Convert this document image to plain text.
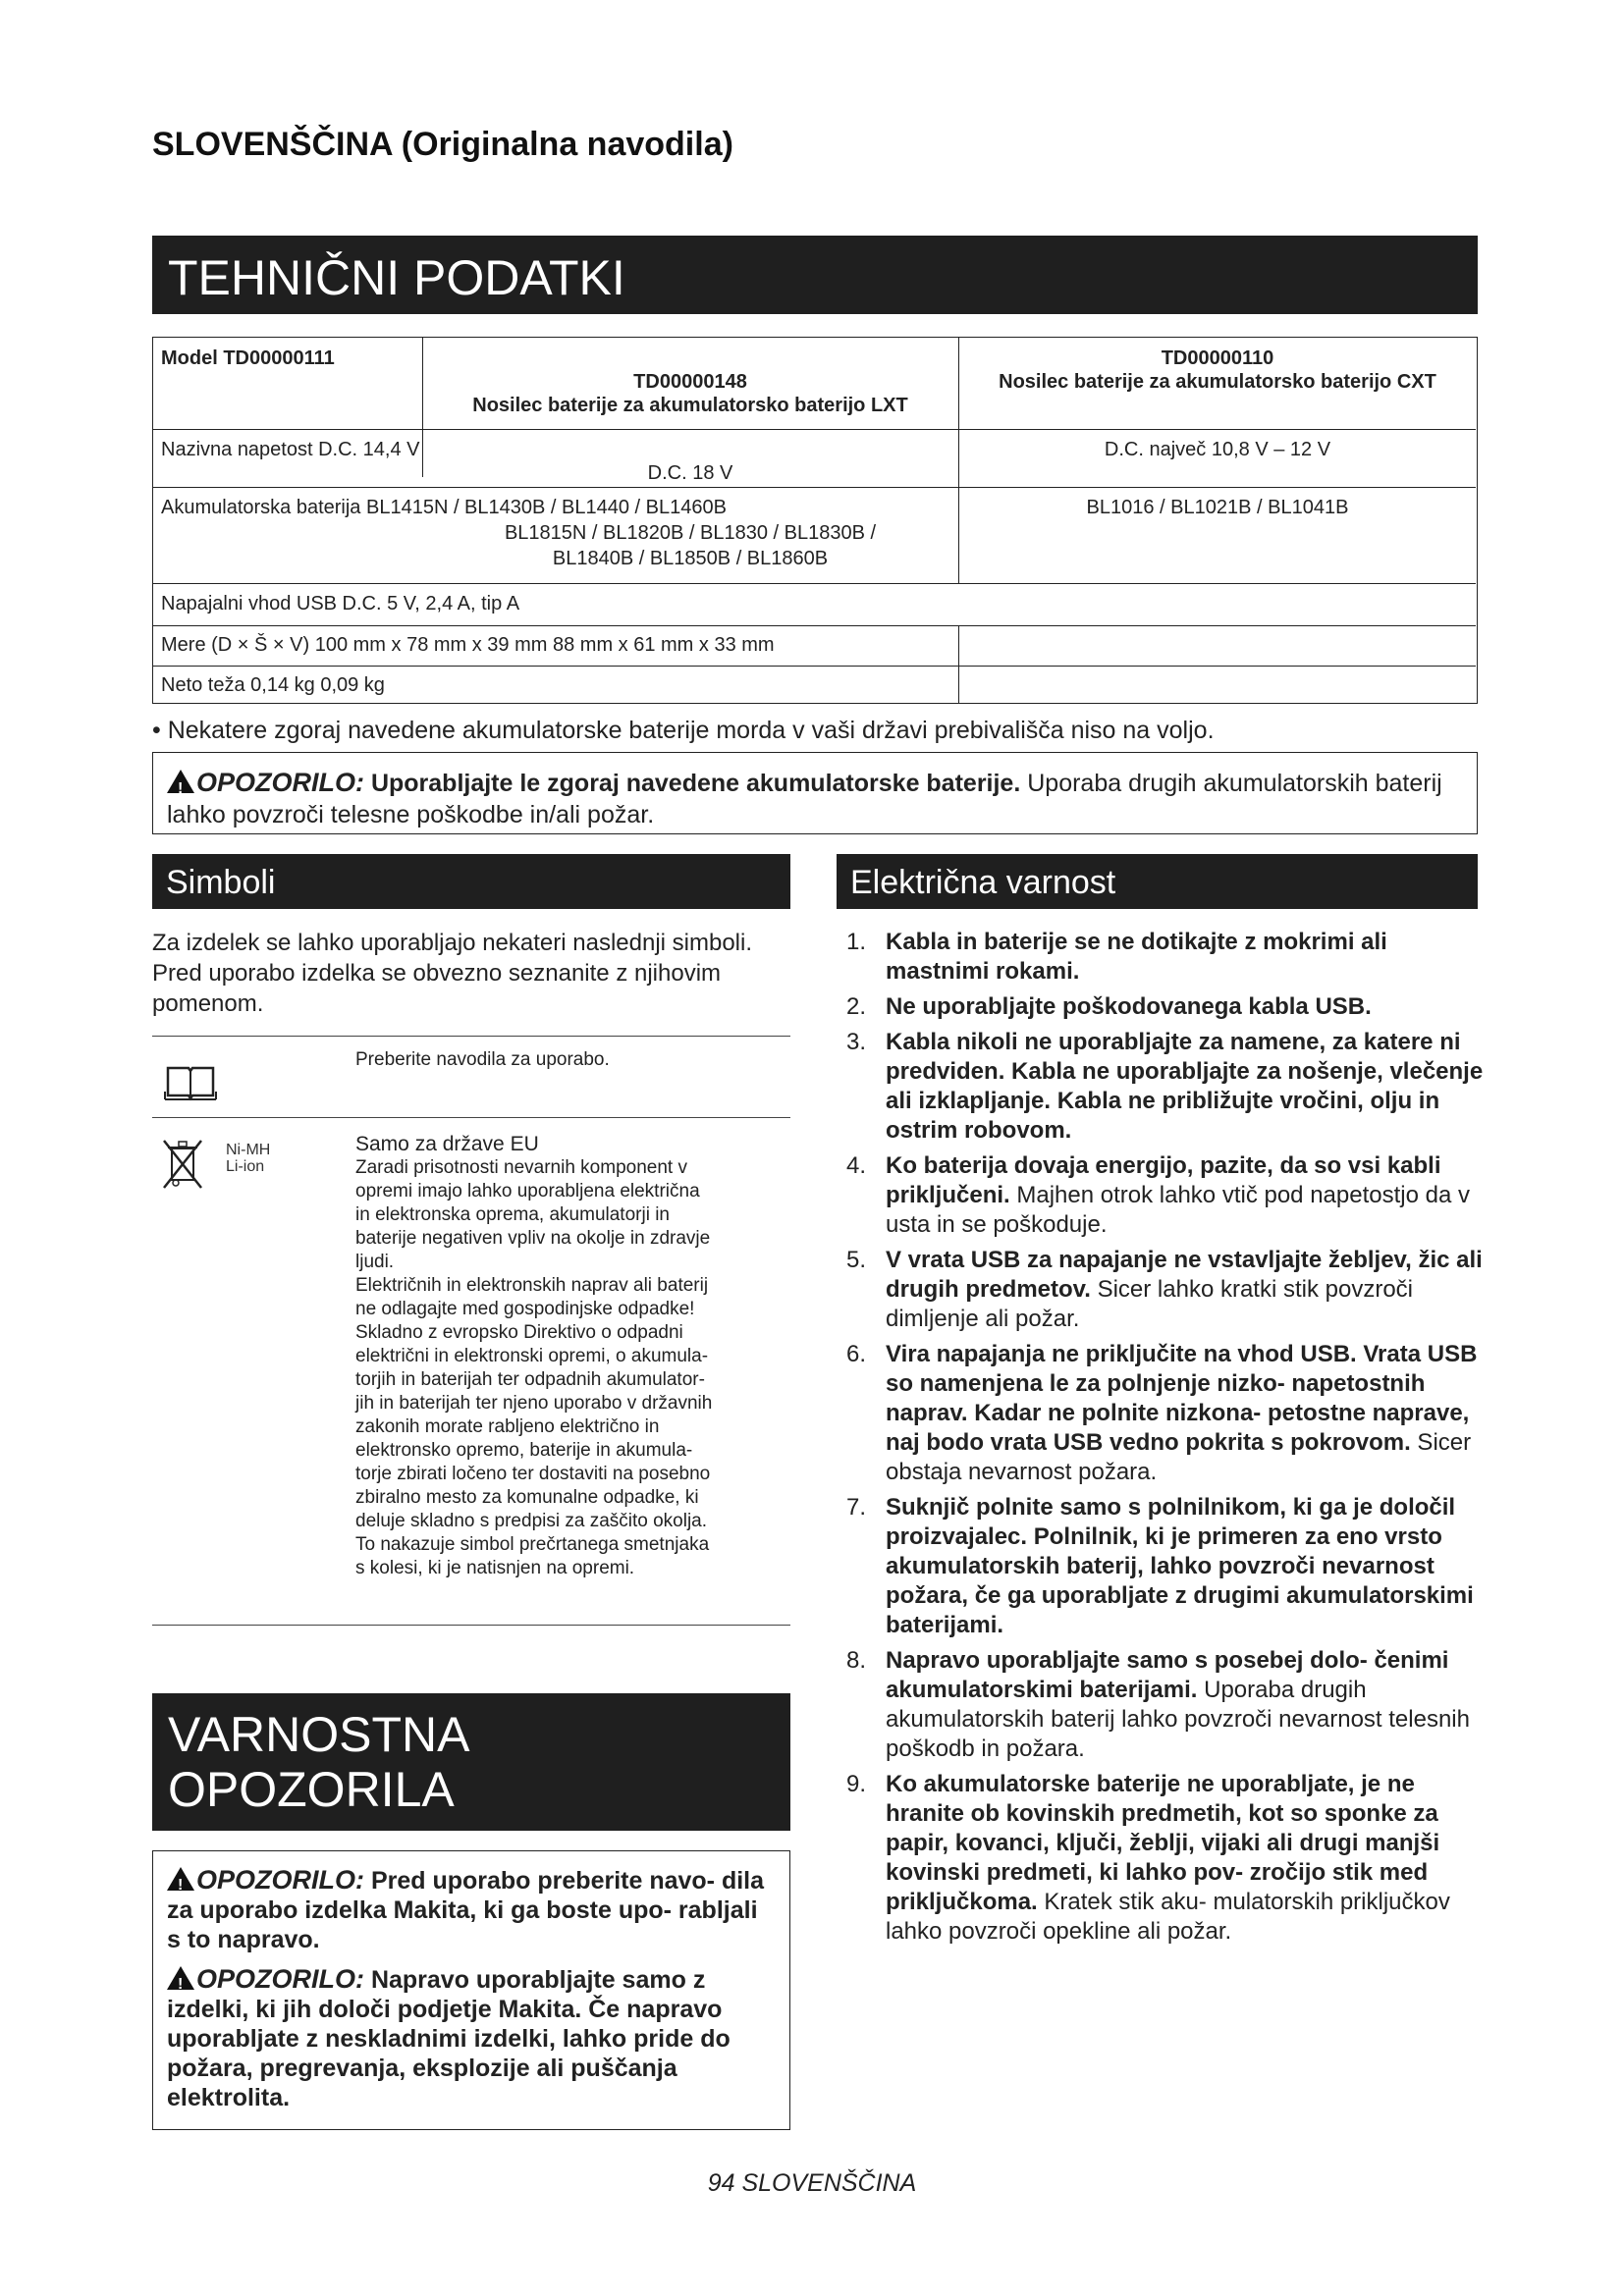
SLOVENŠČINA (Originalna navodila)
TEHNIČNI PODATKI
Model TD00000111
TD00000148
Nosilec baterije za akumulatorsko baterijo LXT
TD00000110
Nosilec baterije za akumulatorsko baterijo CXT
Nazivna napetost D.C. 14,4 V
D.C. 18 V
D.C. največ 10,8 V – 12 V
Akumulatorska baterija BL1415N / BL1430B / BL1440 / BL1460B
BL1815N / BL1820B / BL1830 / BL1830B /
BL1840B / BL1850B / BL1860B
BL1016 / BL1021B / BL1041B
Napajalni vhod USB D.C. 5 V, 2,4 A, tip A
Mere (D × Š × V) 100 mm x 78 mm x 39 mm 88 mm x 61 mm x 33 mm
Neto teža 0,14 kg 0,09 kg
• Nekatere zgoraj navedene akumulatorske baterije morda v vaši državi prebivališča niso na voljo.
!OPOZORILO: Uporabljajte le zgoraj navedene akumulatorske baterije. Uporaba drugih akumulatorskih baterij lahko povzroči telesne poškodbe in/ali požar.
Simboli
Za izdelek se lahko uporabljajo nekateri naslednji simboli. Pred uporabo izdelka se obvezno seznanite z njihovim pomenom.
Preberite navodila za uporabo.
Ni-MH
Li-ion
Samo za države EU
Zaradi prisotnosti nevarnih komponent v
opremi imajo lahko uporabljena električna
in elektronska oprema, akumulatorji in
baterije negativen vpliv na okolje in zdravje
ljudi.
Električnih in elektronskih naprav ali baterij
ne odlagajte med gospodinjske odpadke!
Skladno z evropsko Direktivo o odpadni
električni in elektronski opremi, o akumula-
torjih in baterijah ter odpadnih akumulator-
jih in baterijah ter njeno uporabo v državnih
zakonih morate rabljeno električno in
elektronsko opremo, baterije in akumula-
torje zbirati ločeno ter dostaviti na posebno
zbiralno mesto za komunalne odpadke, ki
deluje skladno s predpisi za zaščito okolja.
To nakazuje simbol prečrtanega smetnjaka
s kolesi, ki je natisnjen na opremi.
VARNOSTNA
OPOZORILA
!OPOZORILO: Pred uporabo preberite navo- dila za uporabo izdelka Makita, ki ga boste upo- rabljali s to napravo.
!OPOZORILO: Napravo uporabljajte samo z izdelki, ki jih določi podjetje Makita. Če napravo uporabljate z neskladnimi izdelki, lahko pride do požara, pregrevanja, eksplozije ali puščanja elektrolita.
Električna varnost
1. Kabla in baterije se ne dotikajte z mokrimi ali mastnimi rokami.
2. Ne uporabljajte poškodovanega kabla USB.
3. Kabla nikoli ne uporabljajte za namene, za katere ni predviden. Kabla ne uporabljajte za nošenje, vlečenje ali izklapljanje. Kabla ne približujte vročini, olju in ostrim robovom.
4. Ko baterija dovaja energijo, pazite, da so vsi kabli priključeni. Majhen otrok lahko vtič pod napetostjo da v usta in se poškoduje.
5. V vrata USB za napajanje ne vstavljajte žebljev, žic ali drugih predmetov. Sicer lahko kratki stik povzroči dimljenje ali požar.
6. Vira napajanja ne priključite na vhod USB. Vrata USB so namenjena le za polnjenje nizko- napetostnih naprav. Kadar ne polnite nizkona- petostne naprave, naj bodo vrata USB vedno pokrita s pokrovom. Sicer obstaja nevarnost požara.
7. Suknjič polnite samo s polnilnikom, ki ga je določil proizvajalec. Polnilnik, ki je primeren za eno vrsto akumulatorskih baterij, lahko povzroči nevarnost požara, če ga uporabljate z drugimi akumulatorskimi baterijami.
8. Napravo uporabljajte samo s posebej dolo- čenimi akumulatorskimi baterijami. Uporaba drugih akumulatorskih baterij lahko povzroči nevarnost telesnih poškodb in požara.
9. Ko akumulatorske baterije ne uporabljate, je ne hranite ob kovinskih predmetih, kot so sponke za papir, kovanci, ključi, žeblji, vijaki ali drugi manjši kovinski predmeti, ki lahko pov- zročijo stik med priključkoma. Kratek stik aku- mulatorskih priključkov lahko povzroči opekline ali požar.
94 SLOVENŠČINA
